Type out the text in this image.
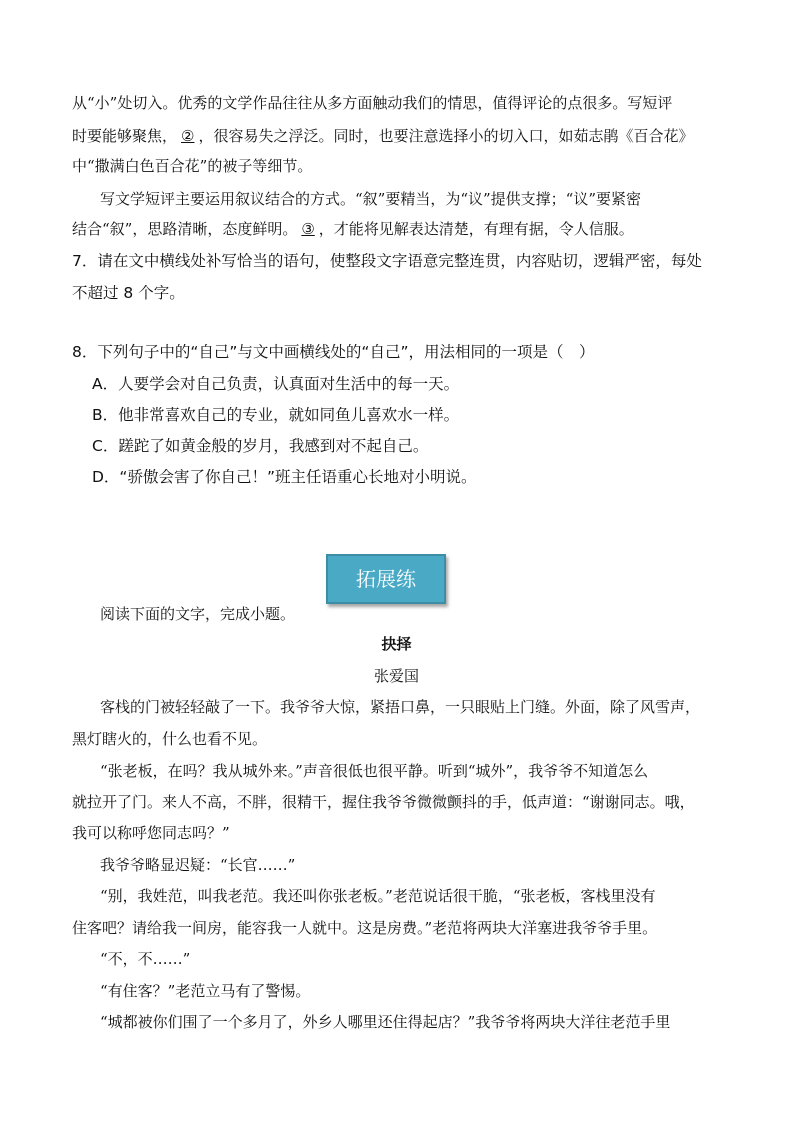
从“小”处切入。优秀的文学作品往往从多方面触动我们的情思，值得评论的点很多。写短评
时要能够聚焦， ② ，很容易失之浮泛。同时，也要注意选择小的切入口，如茹志鹃《百合花》
中“撒满白色百合花”的被子等细节。
写文学短评主要运用叙议结合的方式。“叙”要精当，为“议”提供支撑；“议”要紧密
结合“叙”，思路清晰，态度鲜明。 ③ ，才能将见解表达清楚，有理有据，令人信服。
7．请在文中横线处补写恰当的语句，使整段文字语意完整连贯，内容贴切，逻辑严密，每处
不超过 8 个字。
8．下列句子中的“自己”与文中画横线处的“自己”，用法相同的一项是（　）
A．人要学会对自己负责，认真面对生活中的每一天。
B．他非常喜欢自己的专业，就如同鱼儿喜欢水一样。
C．蹉跎了如黄金般的岁月，我感到对不起自己。
D．“骄傲会害了你自己！”班主任语重心长地对小明说。
拓展练
阅读下面的文字，完成小题。
抉择
张爱国
客栈的门被轻轻敲了一下。我爷爷大惊，紧捂口鼻，一只眼贴上门缝。外面，除了风雪声，
黑灯瞎火的，什么也看不见。
“张老板，在吗？我从城外来。”声音很低也很平静。听到“城外”，我爷爷不知道怎么
就拉开了门。来人不高，不胖，很精干，握住我爷爷微微颤抖的手，低声道：“谢谢同志。哦，
我可以称呼您同志吗？”
我爷爷略显迟疑：“长官……”
“别，我姓范，叫我老范。我还叫你张老板。”老范说话很干脆，“张老板，客栈里没有
住客吧？请给我一间房，能容我一人就中。这是房费。”老范将两块大洋塞进我爷爷手里。
“不，不……”
“有住客？”老范立马有了警惕。
“城都被你们围了一个多月了，外乡人哪里还住得起店？”我爷爷将两块大洋往老范手里
